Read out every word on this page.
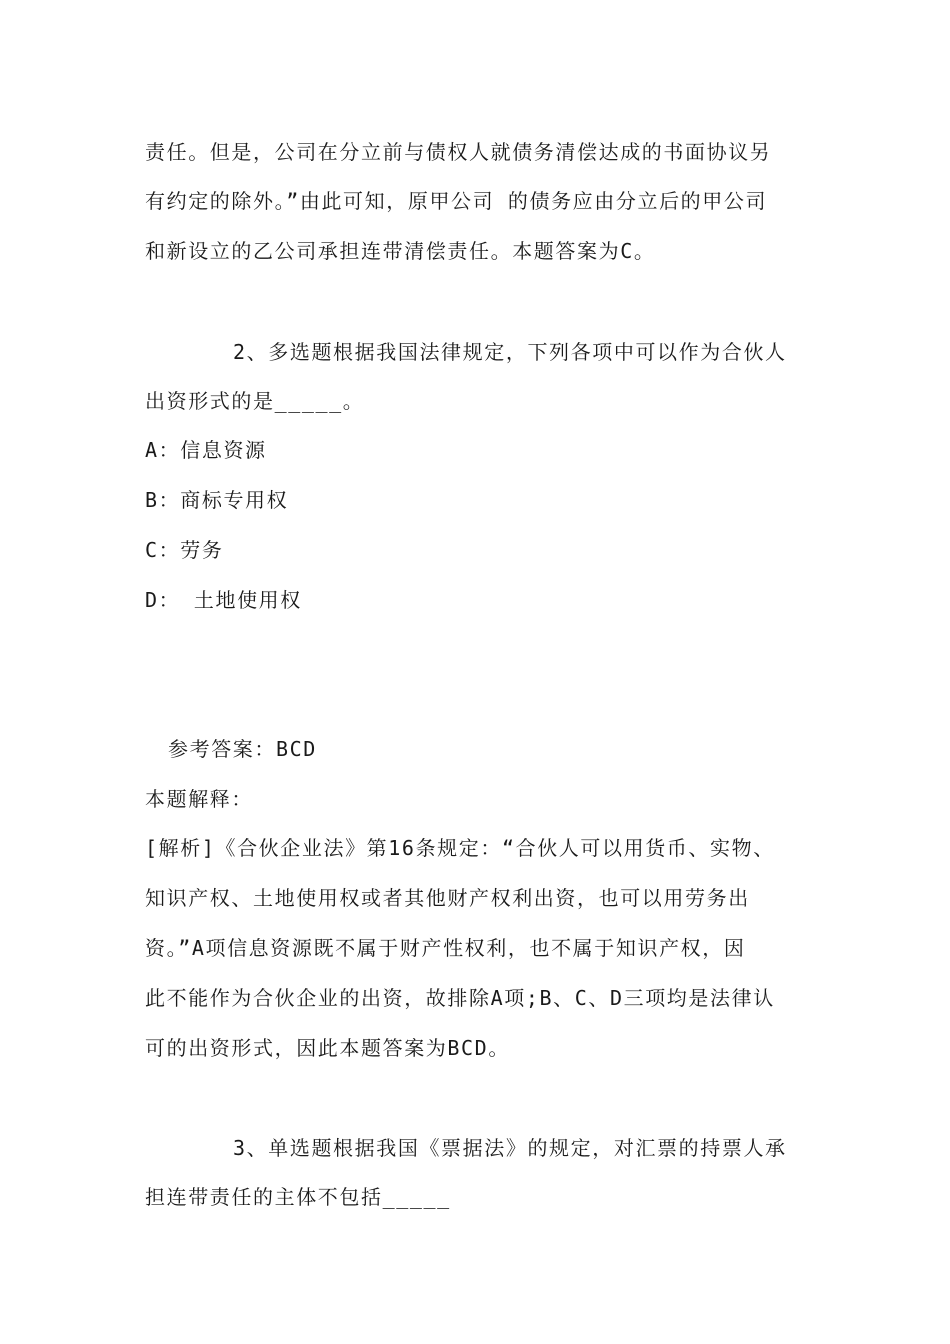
责任。但是，公司在分立前与债权人就债务清偿达成的书面协议另
有约定的除外。”由此可知，原甲公司 的债务应由分立后的甲公司
和新设立的乙公司承担连带清偿责任。本题答案为C。
2、多选题根据我国法律规定，下列各项中可以作为合伙人
出资形式的是_____。
A：信息资源
B：商标专用权
C：劳务
D： 土地使用权
参考答案：BCD
本题解释：
[解析]《合伙企业法》第16条规定：“合伙人可以用货币、实物、
知识产权、土地使用权或者其他财产权利出资，也可以用劳务出
资。”A项信息资源既不属于财产性权利，也不属于知识产权，因
此不能作为合伙企业的出资，故排除A项;B、C、D三项均是法律认
可的出资形式，因此本题答案为BCD。
3、单选题根据我国《票据法》的规定，对汇票的持票人承
担连带责任的主体不包括_____
